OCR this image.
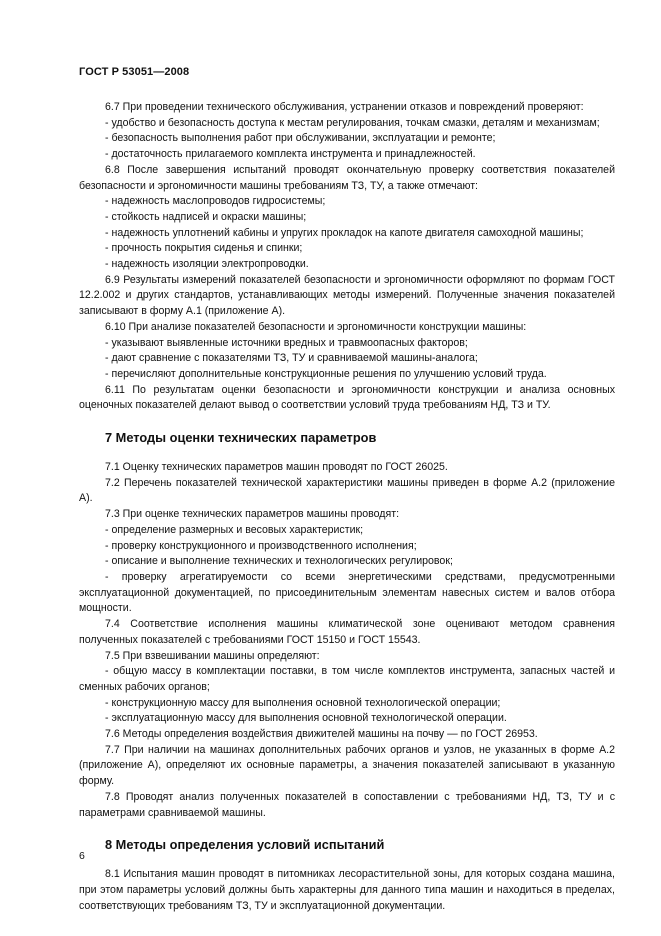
ГОСТ Р 53051—2008

6.7 При проведении технического обслуживания, устранении отказов и повреждений проверяют:

- удобство и безопасность доступа к местам регулирования, точкам смазки, деталям и механизмам;

- безопасность выполнения работ при обслуживании, эксплуатации и ремонте;

- достаточность прилагаемого комплекта инструмента и принадлежностей.

6.8 После завершения испытаний проводят окончательную проверку соответствия показателей безопасности и эргономичности машины требованиям ТЗ, ТУ, а также отмечают:

- надежность маслопроводов гидросистемы;

- стойкость надписей и окраски машины;

- надежность уплотнений кабины и упругих прокладок на капоте двигателя самоходной машины;

- прочность покрытия сиденья и спинки;

- надежность изоляции электропроводки.

6.9 Результаты измерений показателей безопасности и эргономичности оформляют по формам ГОСТ 12.2.002 и других стандартов, устанавливающих методы измерений. Полученные значения показателей записывают в форму А.1 (приложение А).

6.10 При анализе показателей безопасности и эргономичности конструкции машины:

- указывают выявленные источники вредных и травмоопасных факторов;

- дают сравнение с показателями ТЗ, ТУ и сравниваемой машины-аналога;

- перечисляют дополнительные конструкционные решения по улучшению условий труда.

6.11 По результатам оценки безопасности и эргономичности конструкции и анализа основных оценочных показателей делают вывод о соответствии условий труда требованиям НД, ТЗ и ТУ.

7 Методы оценки технических параметров

7.1 Оценку технических параметров машин проводят по ГОСТ 26025.

7.2 Перечень показателей технической характеристики машины приведен в форме А.2 (приложение А).

7.3 При оценке технических параметров машины проводят:

- определение размерных и весовых характеристик;

- проверку конструкционного и производственного исполнения;

- описание и выполнение технических и технологических регулировок;

- проверку агрегатируемости со всеми энергетическими средствами, предусмотренными эксплуатационной документацией, по присоединительным элементам навесных систем и валов отбора мощности.

7.4 Соответствие исполнения машины климатической зоне оценивают методом сравнения полученных показателей с требованиями ГОСТ 15150 и ГОСТ 15543.

7.5 При взвешивании машины определяют:

- общую массу в комплектации поставки, в том числе комплектов инструмента, запасных частей и сменных рабочих органов;

- конструкционную массу для выполнения основной технологической операции;

- эксплуатационную массу для выполнения основной технологической операции.

7.6 Методы определения воздействия движителей машины на почву — по ГОСТ 26953.

7.7 При наличии на машинах дополнительных рабочих органов и узлов, не указанных в форме А.2 (приложение А), определяют их основные параметры, а значения показателей записывают в указанную форму.

7.8 Проводят анализ полученных показателей в сопоставлении с требованиями НД, ТЗ, ТУ и с параметрами сравниваемой машины.

8 Методы определения условий испытаний

8.1 Испытания машин проводят в питомниках лесорастительной зоны, для которых создана машина, при этом параметры условий должны быть характерны для данного типа машин и находиться в пределах, соответствующих требованиям ТЗ, ТУ и эксплуатационной документации.

6
